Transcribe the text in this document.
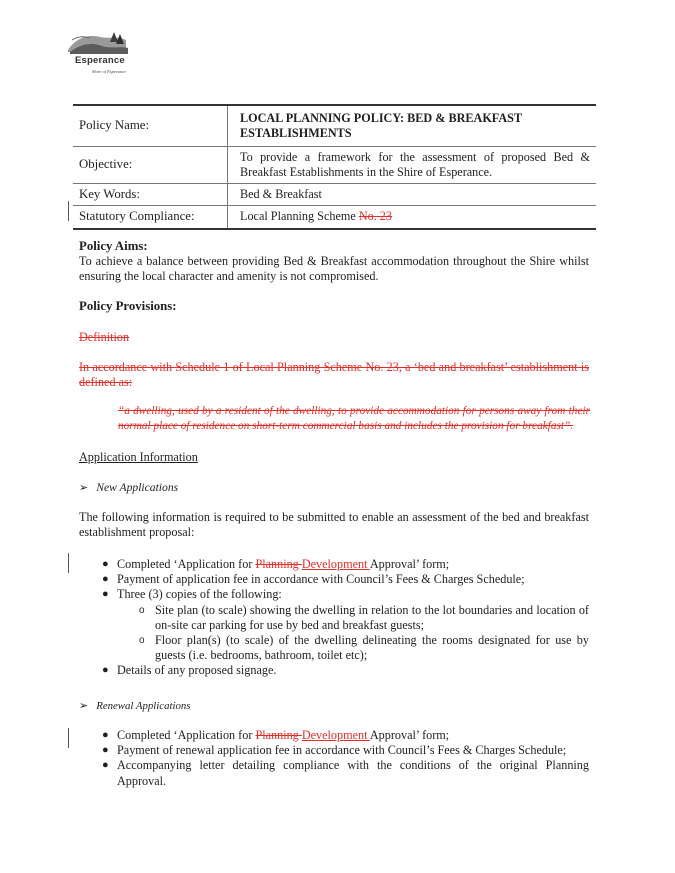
Esperance
Shire of Esperance
Policy Name:	LOCAL PLANNING POLICY: BED & BREAKFAST ESTABLISHMENTS
Objective:	To provide a framework for the assessment of proposed Bed & Breakfast Establishments in the Shire of Esperance.
Key Words:	Bed & Breakfast
Statutory Compliance:	Local Planning Scheme No. 23
Policy Aims:
To achieve a balance between providing Bed & Breakfast accommodation throughout the Shire whilst ensuring the local character and amenity is not compromised.
Policy Provisions:
Definition
In accordance with Schedule 1 of Local Planning Scheme No. 23, a ‘bed and breakfast’ establishment is defined as:
“a dwelling, used by a resident of the dwelling, to provide accommodation for persons away from their normal place of residence on short-term commercial basis and includes the provision for breakfast”.
Application Information
➢ New Applications
The following information is required to be submitted to enable an assessment of the bed and breakfast establishment proposal:
● Completed ‘Application for Planning Development Approval’ form;
● Payment of application fee in accordance with Council’s Fees & Charges Schedule;
● Three (3) copies of the following:
o Site plan (to scale) showing the dwelling in relation to the lot boundaries and location of on-site car parking for use by bed and breakfast guests;
o Floor plan(s) (to scale) of the dwelling delineating the rooms designated for use by guests (i.e. bedrooms, bathroom, toilet etc);
● Details of any proposed signage.
➢ Renewal Applications
● Completed ‘Application for Planning Development Approval’ form;
● Payment of renewal application fee in accordance with Council’s Fees & Charges Schedule;
● Accompanying letter detailing compliance with the conditions of the original Planning Approval.
